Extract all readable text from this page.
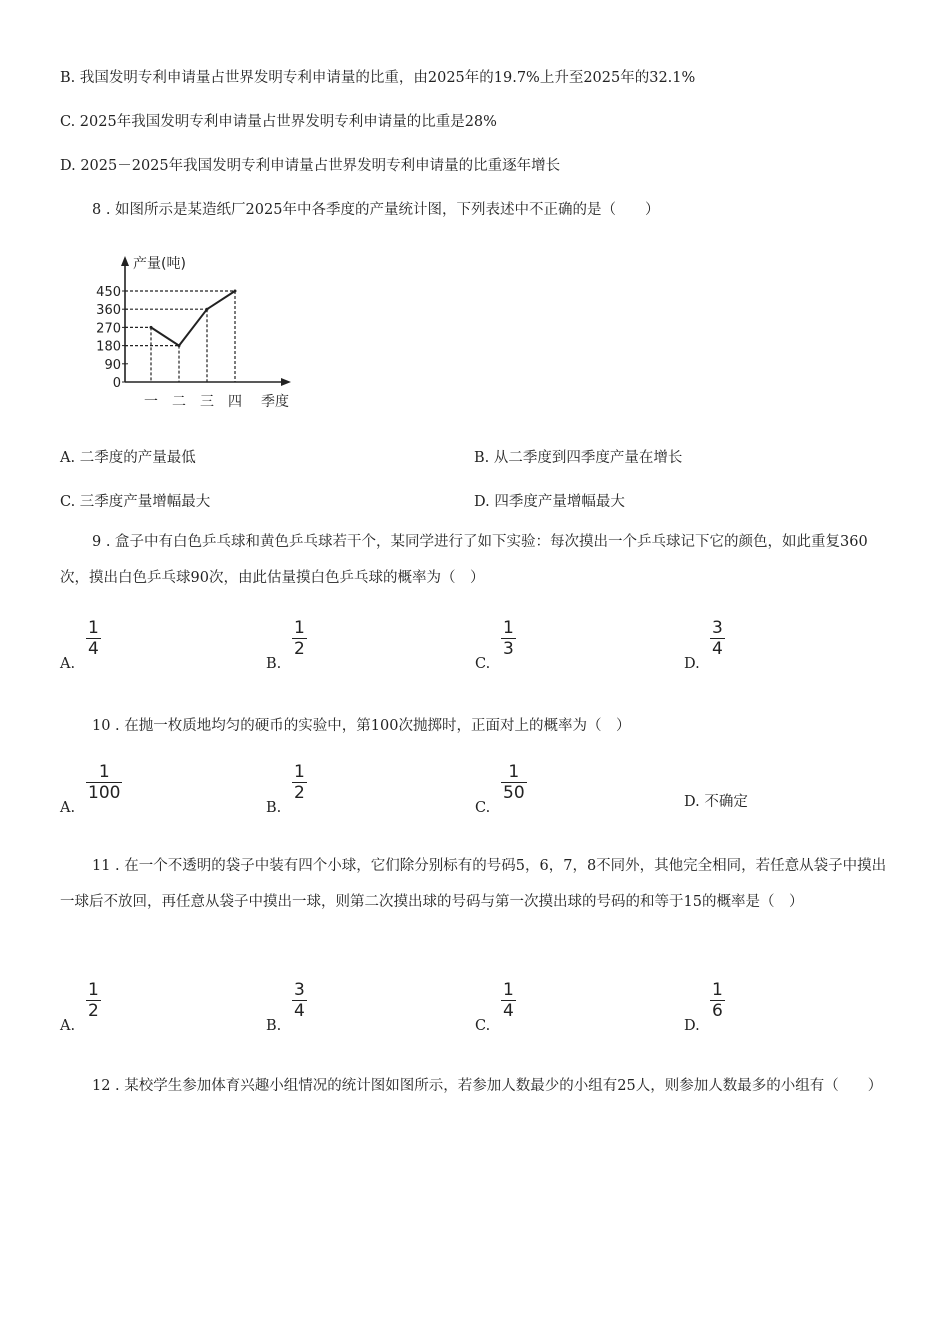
B. 我国发明专利申请量占世界发明专利申请量的比重，由2025年的19.7%上升至2025年的32.1%
C. 2025年我国发明专利申请量占世界发明专利申请量的比重是28%
D. 2025－2025年我国发明专利申请量占世界发明专利申请量的比重逐年增长
8 . 如图所示是某造纸厂2025年中各季度的产量统计图，下列表述中不正确的是（　　）
产量(吨)
季度
450
360
270
180
90
0
一 二 三 四
A. 二季度的产量最低	B. 从二季度到四季度产量在增长
C. 三季度产量增幅最大	D. 四季度产量增幅最大
9 . 盒子中有白色乒乓球和黄色乒乓球若干个，某同学进行了如下实验：每次摸出一个乒乓球记下它的颜色，如此重复360次，摸出白色乒乓球90次，由此估量摸白色乒乓球的概率为（　）
A.
$\frac{1}{4}$
B.
$\frac{1}{2}$
C.
$\frac{1}{3}$
D.
$\frac{3}{4}$
10 . 在抛一枚质地均匀的硬币的实验中，第100次抛掷时，正面对上的概率为（　）
A.
$\frac{1}{100}$
B.
$\frac{1}{2}$
C.
$\frac{1}{50}$	D. 不确定
11 . 在一个不透明的袋子中装有四个小球，它们除分别标有的号码5，6，7，8不同外，其他完全相同，若任意从袋子中摸出一球后不放回，再任意从袋子中摸出一球，则第二次摸出球的号码与第一次摸出球的号码的和等于15的概率是（　）
A.
$\frac{1}{2}$
B.
$\frac{3}{4}$
C.
$\frac{1}{4}$
D.
$\frac{1}{6}$
12 . 某校学生参加体育兴趣小组情况的统计图如图所示，若参加人数最少的小组有25人，则参加人数最多的小组有（　　）
